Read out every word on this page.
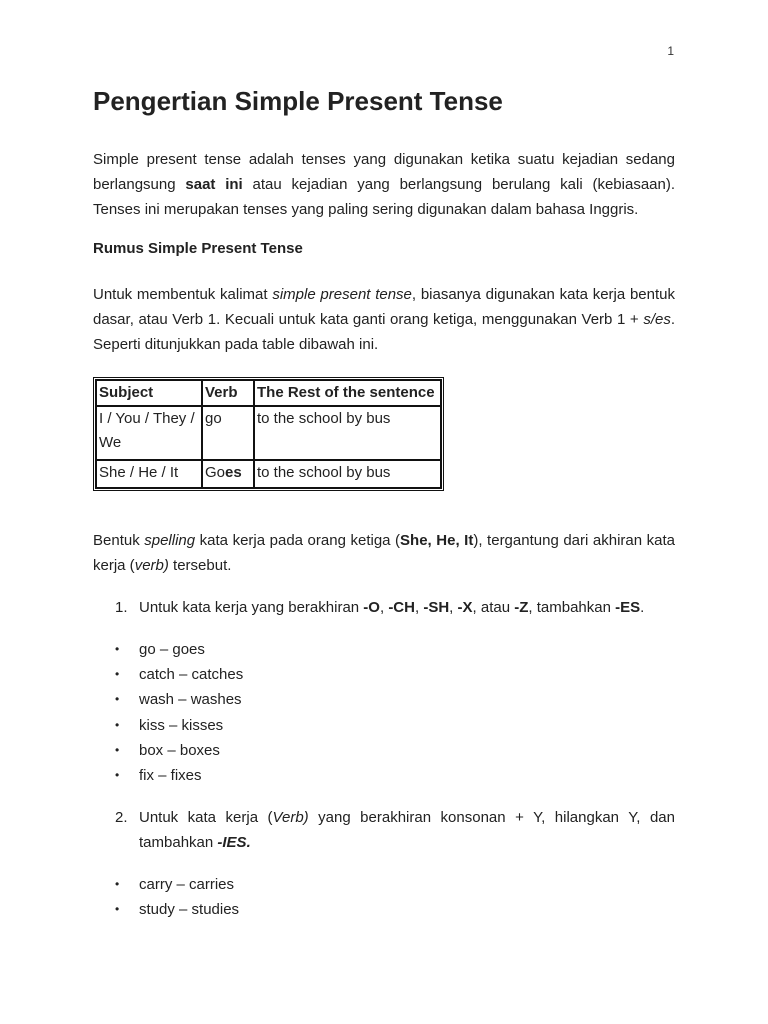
1
Pengertian Simple Present Tense

Simple present tense adalah tenses yang digunakan ketika suatu kejadian sedang berlangsung saat ini atau kejadian yang berlangsung berulang kali (kebiasaan). Tenses ini merupakan tenses yang paling sering digunakan dalam bahasa Inggris.

Rumus Simple Present Tense

Untuk membentuk kalimat simple present tense, biasanya digunakan kata kerja bentuk dasar, atau Verb 1. Kecuali untuk kata ganti orang ketiga, menggunakan Verb 1 + s/es. Seperti ditunjukkan pada table dibawah ini.

Subject	Verb	The Rest of the sentence
I / You / They /
We	go	to the school by bus
She / He / It	Goes	to the school by bus

Bentuk spelling kata kerja pada orang ketiga (She, He, It), tergantung dari akhiran kata kerja (verb) tersebut.

1. Untuk kata kerja yang berakhiran -O, -CH, -SH, -X, atau -Z, tambahkan -ES.

• go – goes
• catch – catches
• wash – washes
• kiss – kisses
• box – boxes
• fix – fixes

2. Untuk kata kerja (Verb) yang berakhiran konsonan + Y, hilangkan Y, dan tambahkan -IES.

• carry – carries
• study – studies
